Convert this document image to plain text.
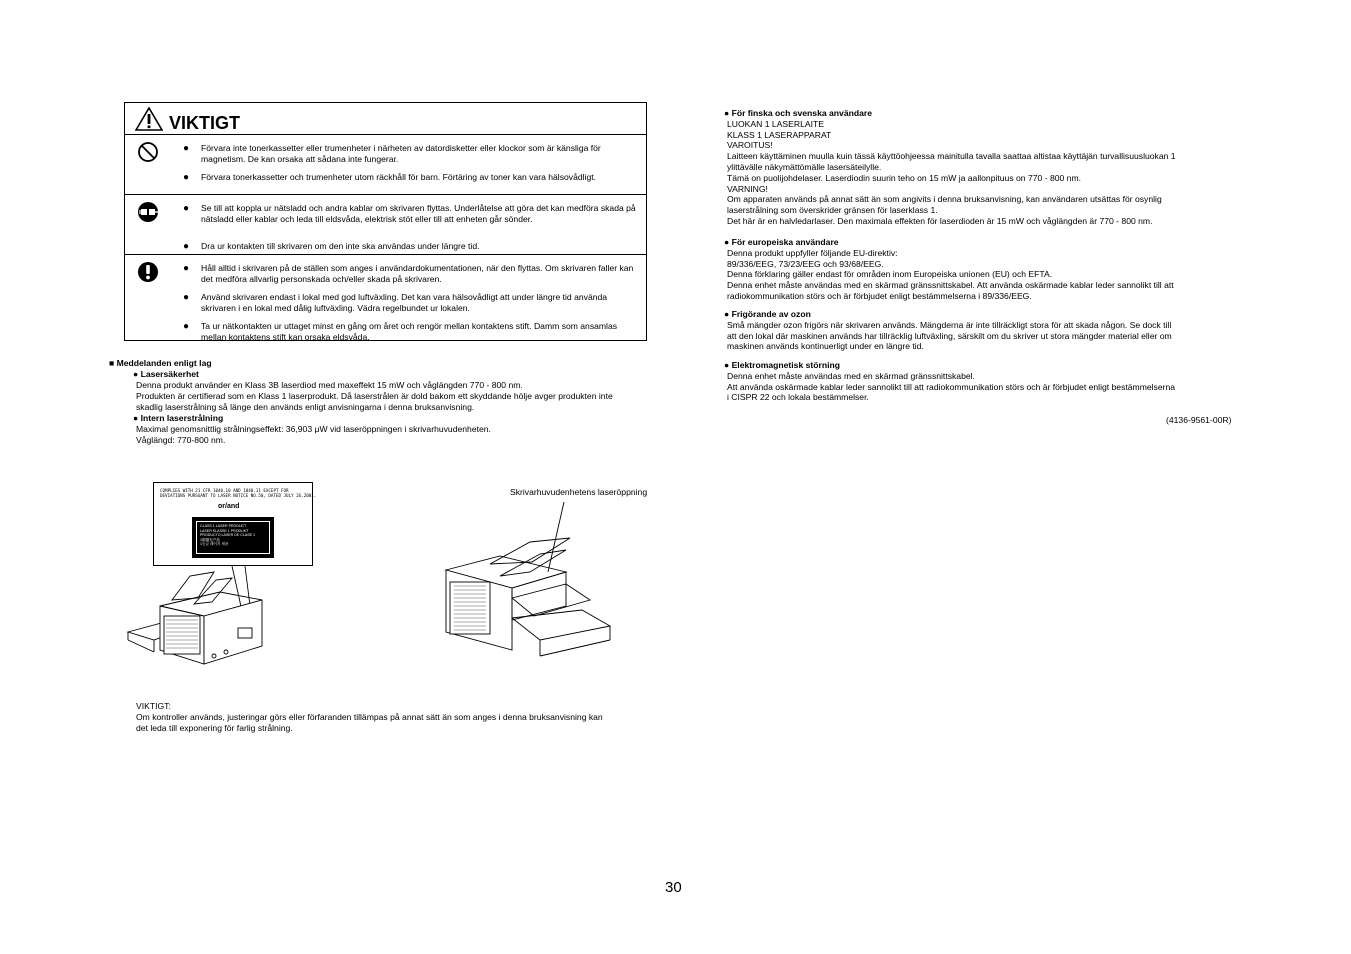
VIKTIGT
● Förvara inte tonerkassetter eller trumenheter i närheten av datordisketter eller klockor som är känsliga för magnetism. De kan orsaka att sådana inte fungerar.
● Förvara tonerkassetter och trumenheter utom räckhåll för barn. Förtäring av toner kan vara hälsovådligt.
● Se till att koppla ur nätsladd och andra kablar om skrivaren flyttas. Underlåtelse att göra det kan medföra skada på nätsladd eller kablar och leda till eldsvåda, elektrisk stöt eller till att enheten går sönder.
● Dra ur kontakten till skrivaren om den inte ska användas under längre tid.
● Håll alltid i skrivaren på de ställen som anges i användardokumentationen, när den flyttas. Om skrivaren faller kan det medföra allvarlig personskada och/eller skada på skrivaren.
● Använd skrivaren endast i lokal med god luftväxling. Det kan vara hälsovådligt att under längre tid använda skrivaren i en lokal med dålig luftväxling. Vädra regelbundet ur lokalen.
● Ta ur nätkontakten ur uttaget minst en gång om året och rengör mellan kontaktens stift. Damm som ansamlas mellan kontaktens stift kan orsaka eldsvåda.
■ Meddelanden enligt lag
● Lasersäkerhet
Denna produkt använder en Klass 3B laserdiod med maxeffekt 15 mW och våglängden 770 - 800 nm.
Produkten är certifierad som en Klass 1 laserprodukt. Då laserstrålen är dold bakom ett skyddande hölje avger produkten inte
skadlig laserstrålning så länge den används enligt anvisningarna i denna bruksanvisning.
● Intern laserstrålning
Maximal genomsnittlig strålningseffekt: 36,903 μW vid laseröppningen i skrivarhuvudenheten.
Våglängd: 770-800 nm.
COMPLIES WITH 21 CFR 1040.10 AND 1040.11 EXCEPT FOR
DEVIATIONS PURSUANT TO LASER NOTICE NO.50, DATED JULY 26,2001.
or/and
CLASS 1 LASER PRODUCT
LASER KLASSE 1 PRODUKT
PRODUCTO LASER DE CLASE 1
1類激光产品
1등급 레이저 제품
Skrivarhuvudenhetens laseröppning
VIKTIGT:
Om kontroller används, justeringar görs eller förfaranden tillämpas på annat sätt än som anges i denna bruksanvisning kan
det leda till exponering för farlig strålning.
● För finska och svenska användare
LUOKAN 1 LASERLAITE
KLASS 1 LASERAPPARAT
VAROITUS!
Laitteen käyttäminen muulla kuin tässä käyttöohjeessa mainitulla tavalla saattaa altistaa käyttäjän turvallisuusluokan 1
ylittävälle näkymättömälle lasersäteilylle.
Tämä on puolijohdelaser. Laserdiodin suurin teho on 15 mW ja aallonpituus on 770 - 800 nm.
VARNING!
Om apparaten används på annat sätt än som angivits i denna bruksanvisning, kan användaren utsättas för osynlig
laserstrålning som överskrider gränsen för laserklass 1.
Det här är en halvledarlaser. Den maximala effekten för laserdioden är 15 mW och våglängden är 770 - 800 nm.
● För europeiska användare
Denna produkt uppfyller följande EU-direktiv:
89/336/EEG, 73/23/EEG och 93/68/EEG.
Denna förklaring gäller endast för områden inom Europeiska unionen (EU) och EFTA.
Denna enhet måste användas med en skärmad gränssnittskabel. Att använda oskärmade kablar leder sannolikt till att
radiokommunikation störs och är förbjudet enligt bestämmelserna i 89/336/EEG.
● Frigörande av ozon
Små mängder ozon frigörs när skrivaren används. Mängderna är inte tillräckligt stora för att skada någon. Se dock till
att den lokal där maskinen används har tillräcklig luftväxling, särskilt om du skriver ut stora mängder material eller om
maskinen används kontinuerligt under en längre tid.
● Elektromagnetisk störning
Denna enhet måste användas med en skärmad gränssnittskabel.
Att använda oskärmade kablar leder sannolikt till att radiokommunikation störs och är förbjudet enligt bestämmelserna
i CISPR 22 och lokala bestämmelser.
(4136-9561-00R)
30
